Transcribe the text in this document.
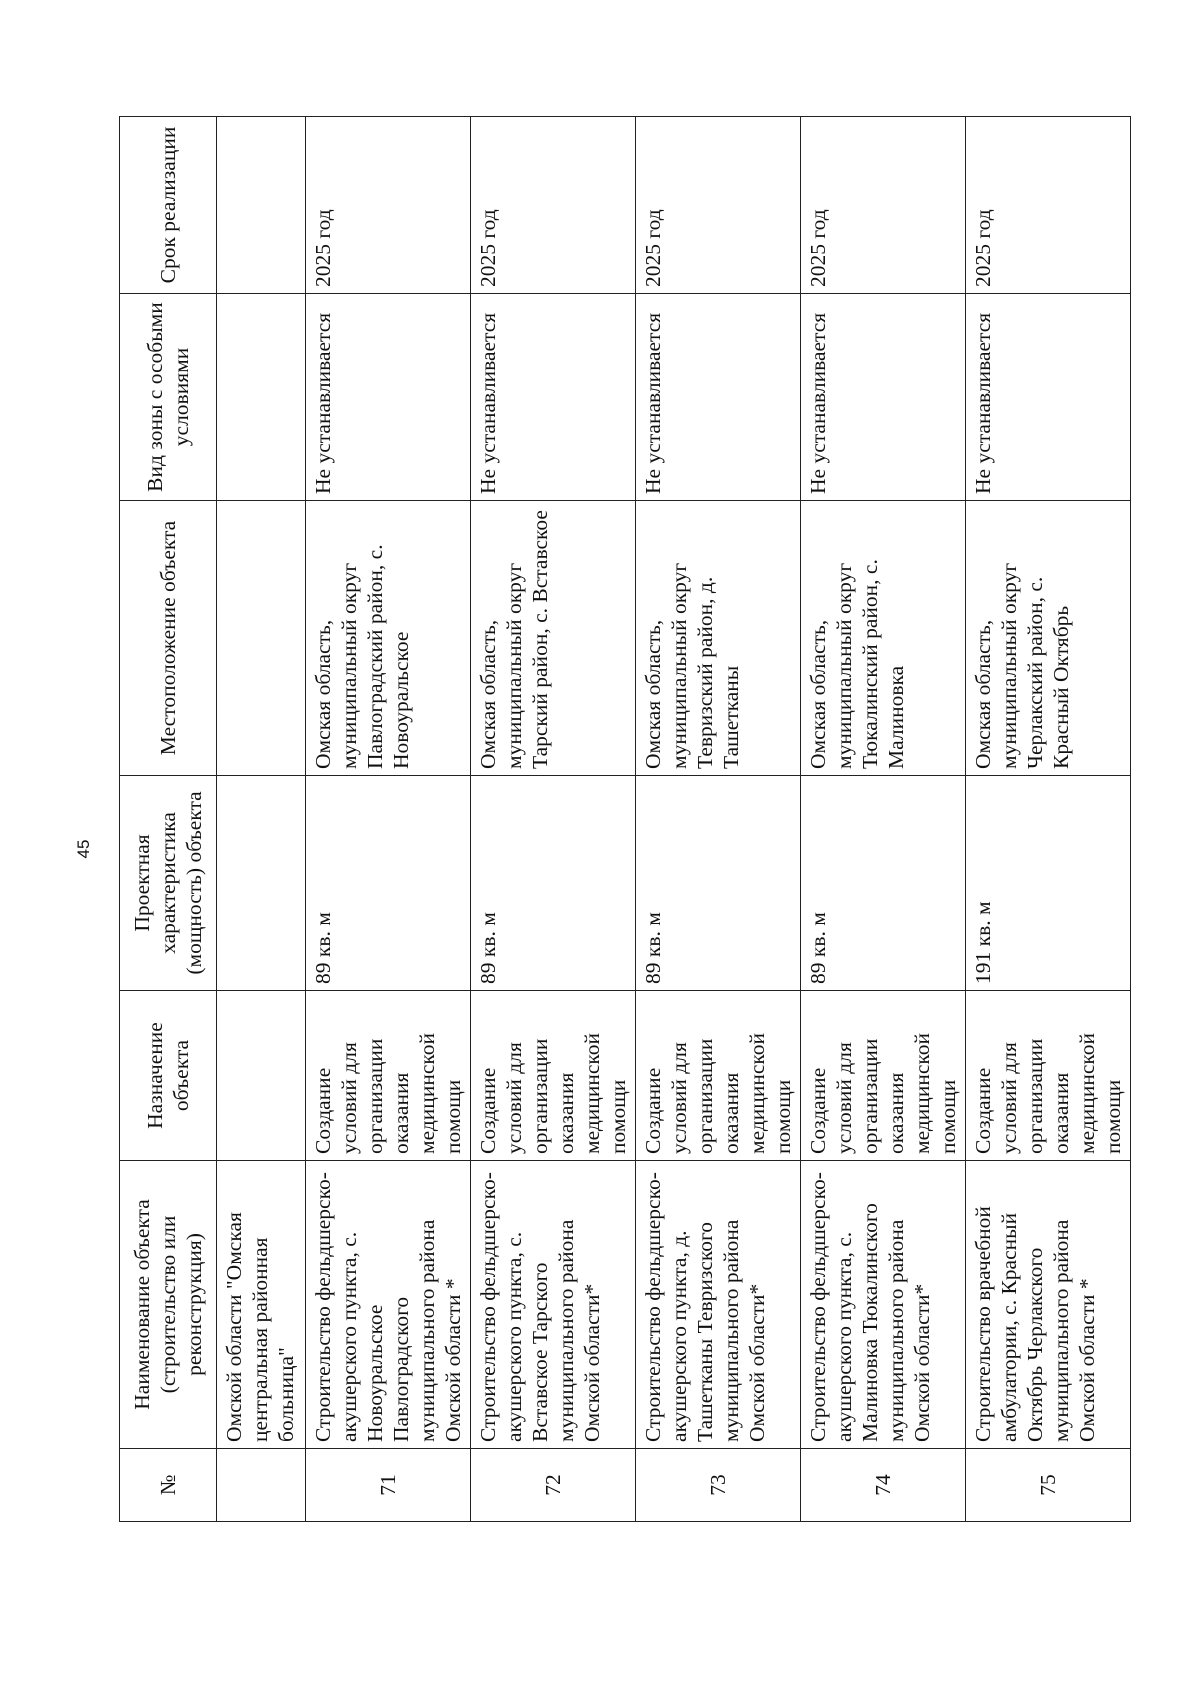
45
№	Наименование объекта (строительство или реконструкция)	Назначение объекта	Проектная характеристика (мощность) объекта	Местоположение объекта	Вид зоны с особыми условиями	Срок реализации
	Омской области "Омская центральная районная больница"					
71	Строительство фельдшерско-акушерского пункта, с. Новоуральское Павлоградского муниципального района Омской области *	Создание условий для организации оказания медицинской помощи	89 кв. м	Омская область, муниципальный округ Павлоградский район, с. Новоуральское	Не устанавливается	2025 год
72	Строительство фельдшерско-акушерского пункта, с. Вставское Тарского муниципального района Омской области*	Создание условий для организации оказания медицинской помощи	89 кв. м	Омская область, муниципальный округ Тарский район, с. Вставское	Не устанавливается	2025 год
73	Строительство фельдшерско-акушерского пункта, д. Ташетканы Тевризского муниципального района Омской области*	Создание условий для организации оказания медицинской помощи	89 кв. м	Омская область, муниципальный округ Тевризский район, д. Ташетканы	Не устанавливается	2025 год
74	Строительство фельдшерско-акушерского пункта, с. Малиновка Тюкалинского муниципального района Омской области*	Создание условий для организации оказания медицинской помощи	89 кв. м	Омская область, муниципальный округ Тюкалинский район, с. Малиновка	Не устанавливается	2025 год
75	Строительство врачебной амбулатории, с. Красный Октябрь Черлакского муниципального района Омской области *	Создание условий для организации оказания медицинской помощи	191 кв. м	Омская область, муниципальный округ Черлакский район, с. Красный Октябрь	Не устанавливается	2025 год
